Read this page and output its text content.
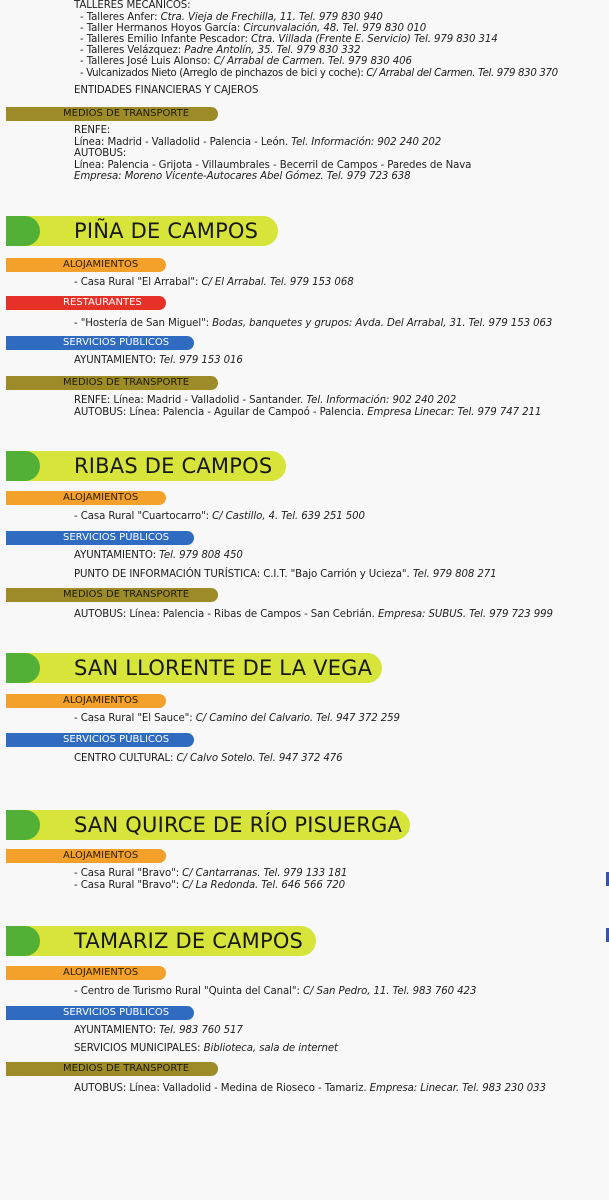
TALLERES MECÁNICOS:
- Talleres Anfer: Ctra. Vieja de Frechilla, 11. Tel. 979 830 940
- Taller Hermanos Hoyos García: Circunvalación, 48. Tel. 979 830 010
- Talleres Emilio Infante Pescador: Ctra. Villada (Frente E. Servicio) Tel. 979 830 314
- Talleres Velázquez: Padre Antolín, 35. Tel. 979 830 332
- Talleres José Luis Alonso: C/ Arrabal de Carmen. Tel. 979 830 406
- Vulcanizados Nieto (Arreglo de pinchazos de bici y coche): C/ Arrabal del Carmen. Tel. 979 830 370
ENTIDADES FINANCIERAS Y CAJEROS
MEDIOS DE TRANSPORTE
RENFE:
Línea: Madrid - Valladolid - Palencia - León. Tel. Información: 902 240 202
AUTOBUS:
Línea: Palencia - Grijota - Villaumbrales - Becerril de Campos - Paredes de Nava
Empresa: Moreno Vicente-Autocares Abel Gómez. Tel. 979 723 638
PIÑA DE CAMPOS
ALOJAMIENTOS
- Casa Rural "El Arrabal": C/ El Arrabal. Tel. 979 153 068
RESTAURANTES
- "Hostería de San Miguel": Bodas, banquetes y grupos: Avda. Del Arrabal, 31. Tel. 979 153 063
SERVICIOS PÚBLICOS
AYUNTAMIENTO: Tel. 979 153 016
MEDIOS DE TRANSPORTE
RENFE: Línea: Madrid - Valladolid - Santander. Tel. Información: 902 240 202
AUTOBUS: Línea: Palencia - Aguilar de Campoó - Palencia. Empresa Linecar: Tel. 979 747 211
RIBAS DE CAMPOS
ALOJAMIENTOS
- Casa Rural "Cuartocarro": C/ Castillo, 4. Tel. 639 251 500
SERVICIOS PÚBLICOS
AYUNTAMIENTO: Tel. 979 808 450
PUNTO DE INFORMACIÓN TURÍSTICA: C.I.T. "Bajo Carrión y Ucieza". Tel. 979 808 271
MEDIOS DE TRANSPORTE
AUTOBUS: Línea: Palencia - Ribas de Campos - San Cebrián. Empresa: SUBUS. Tel. 979 723 999
SAN LLORENTE DE LA VEGA
ALOJAMIENTOS
- Casa Rural "El Sauce": C/ Camino del Calvario. Tel. 947 372 259
SERVICIOS PÚBLICOS
CENTRO CULTURAL: C/ Calvo Sotelo. Tel. 947 372 476
SAN QUIRCE DE RÍO PISUERGA
ALOJAMIENTOS
- Casa Rural "Bravo": C/ Cantarranas. Tel. 979 133 181
- Casa Rural "Bravo": C/ La Redonda. Tel. 646 566 720
TAMARIZ DE CAMPOS
ALOJAMIENTOS
- Centro de Turismo Rural "Quinta del Canal": C/ San Pedro, 11. Tel. 983 760 423
SERVICIOS PÚBLICOS
AYUNTAMIENTO: Tel. 983 760 517
SERVICIOS MUNICIPALES: Biblioteca, sala de internet
MEDIOS DE TRANSPORTE
AUTOBUS: Línea: Valladolid - Medina de Rioseco - Tamariz. Empresa: Linecar. Tel. 983 230 033
